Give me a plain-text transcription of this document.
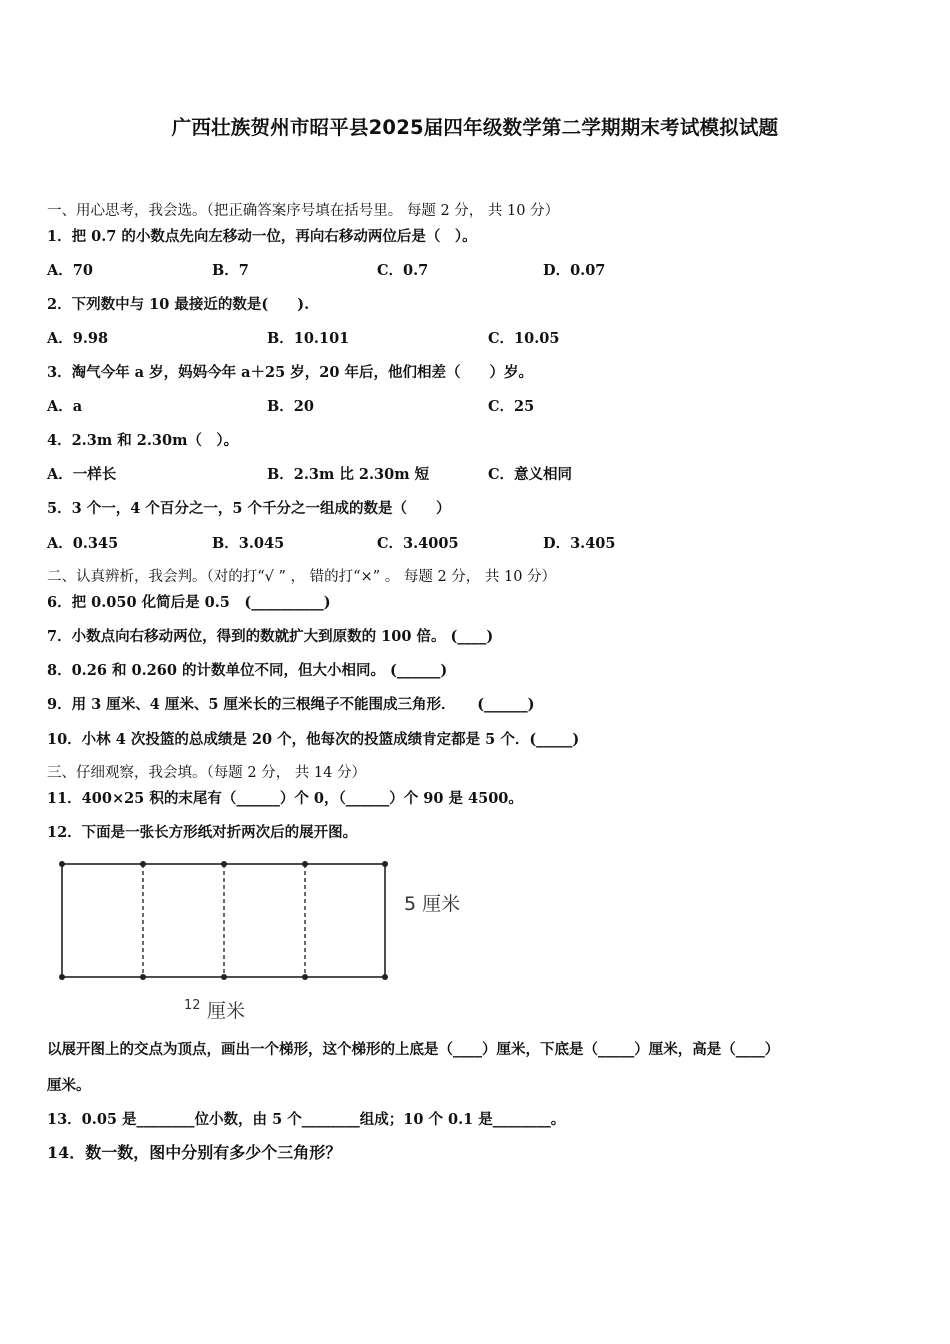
广西壮族贺州市昭平县2025届四年级数学第二学期期末考试模拟试题
一、用心思考，我会选。（把正确答案序号填在括号里。 每题 2 分， 共 10 分）
1．把 0.7 的小数点先向左移动一位，再向右移动两位后是（　）。
A．70	B．7	C．0.7	D．0.07
2．下列数中与 10 最接近的数是(　　).
A．9.98	B．10.101	C．10.05
3．淘气今年 a 岁，妈妈今年 a＋25 岁，20 年后，他们相差（　　）岁。
A．a	B．20	C．25
4．2.3m 和 2.30m（　）。
A．一样长	B．2.3m 比 2.30m 短	C．意义相同
5．3 个一，4 个百分之一，5 个千分之一组成的数是（　　）
A．0.345	B．3.045	C．3.4005	D．3.405
二、认真辨析，我会判。（对的打“√ ” ， 错的打“×” 。 每题 2 分， 共 10 分）
6．把 0.050 化简后是 0.5　(__________)
7．小数点向右移动两位，得到的数就扩大到原数的 100 倍。 (____)
8．0.26 和 0.260 的计数单位不同，但大小相同。 (______)
9．用 3 厘米、4 厘米、5 厘米长的三根绳子不能围成三角形．　　(______)
10．小林 4 次投篮的总成绩是 20 个，他每次的投篮成绩肯定都是 5 个．(_____)
三、仔细观察，我会填。（每题 2 分， 共 14 分）
11．400×25 积的末尾有（______）个 0，（______）个 90 是 4500。
12．下面是一张长方形纸对折两次后的展开图。
5 厘米
12 厘米
以展开图上的交点为顶点，画出一个梯形，这个梯形的上底是（____）厘米，下底是（_____）厘米，高是（____）
厘米。
13．0.05 是________位小数，由 5 个________组成；10 个 0.1 是________。
14．数一数，图中分别有多少个三角形？
